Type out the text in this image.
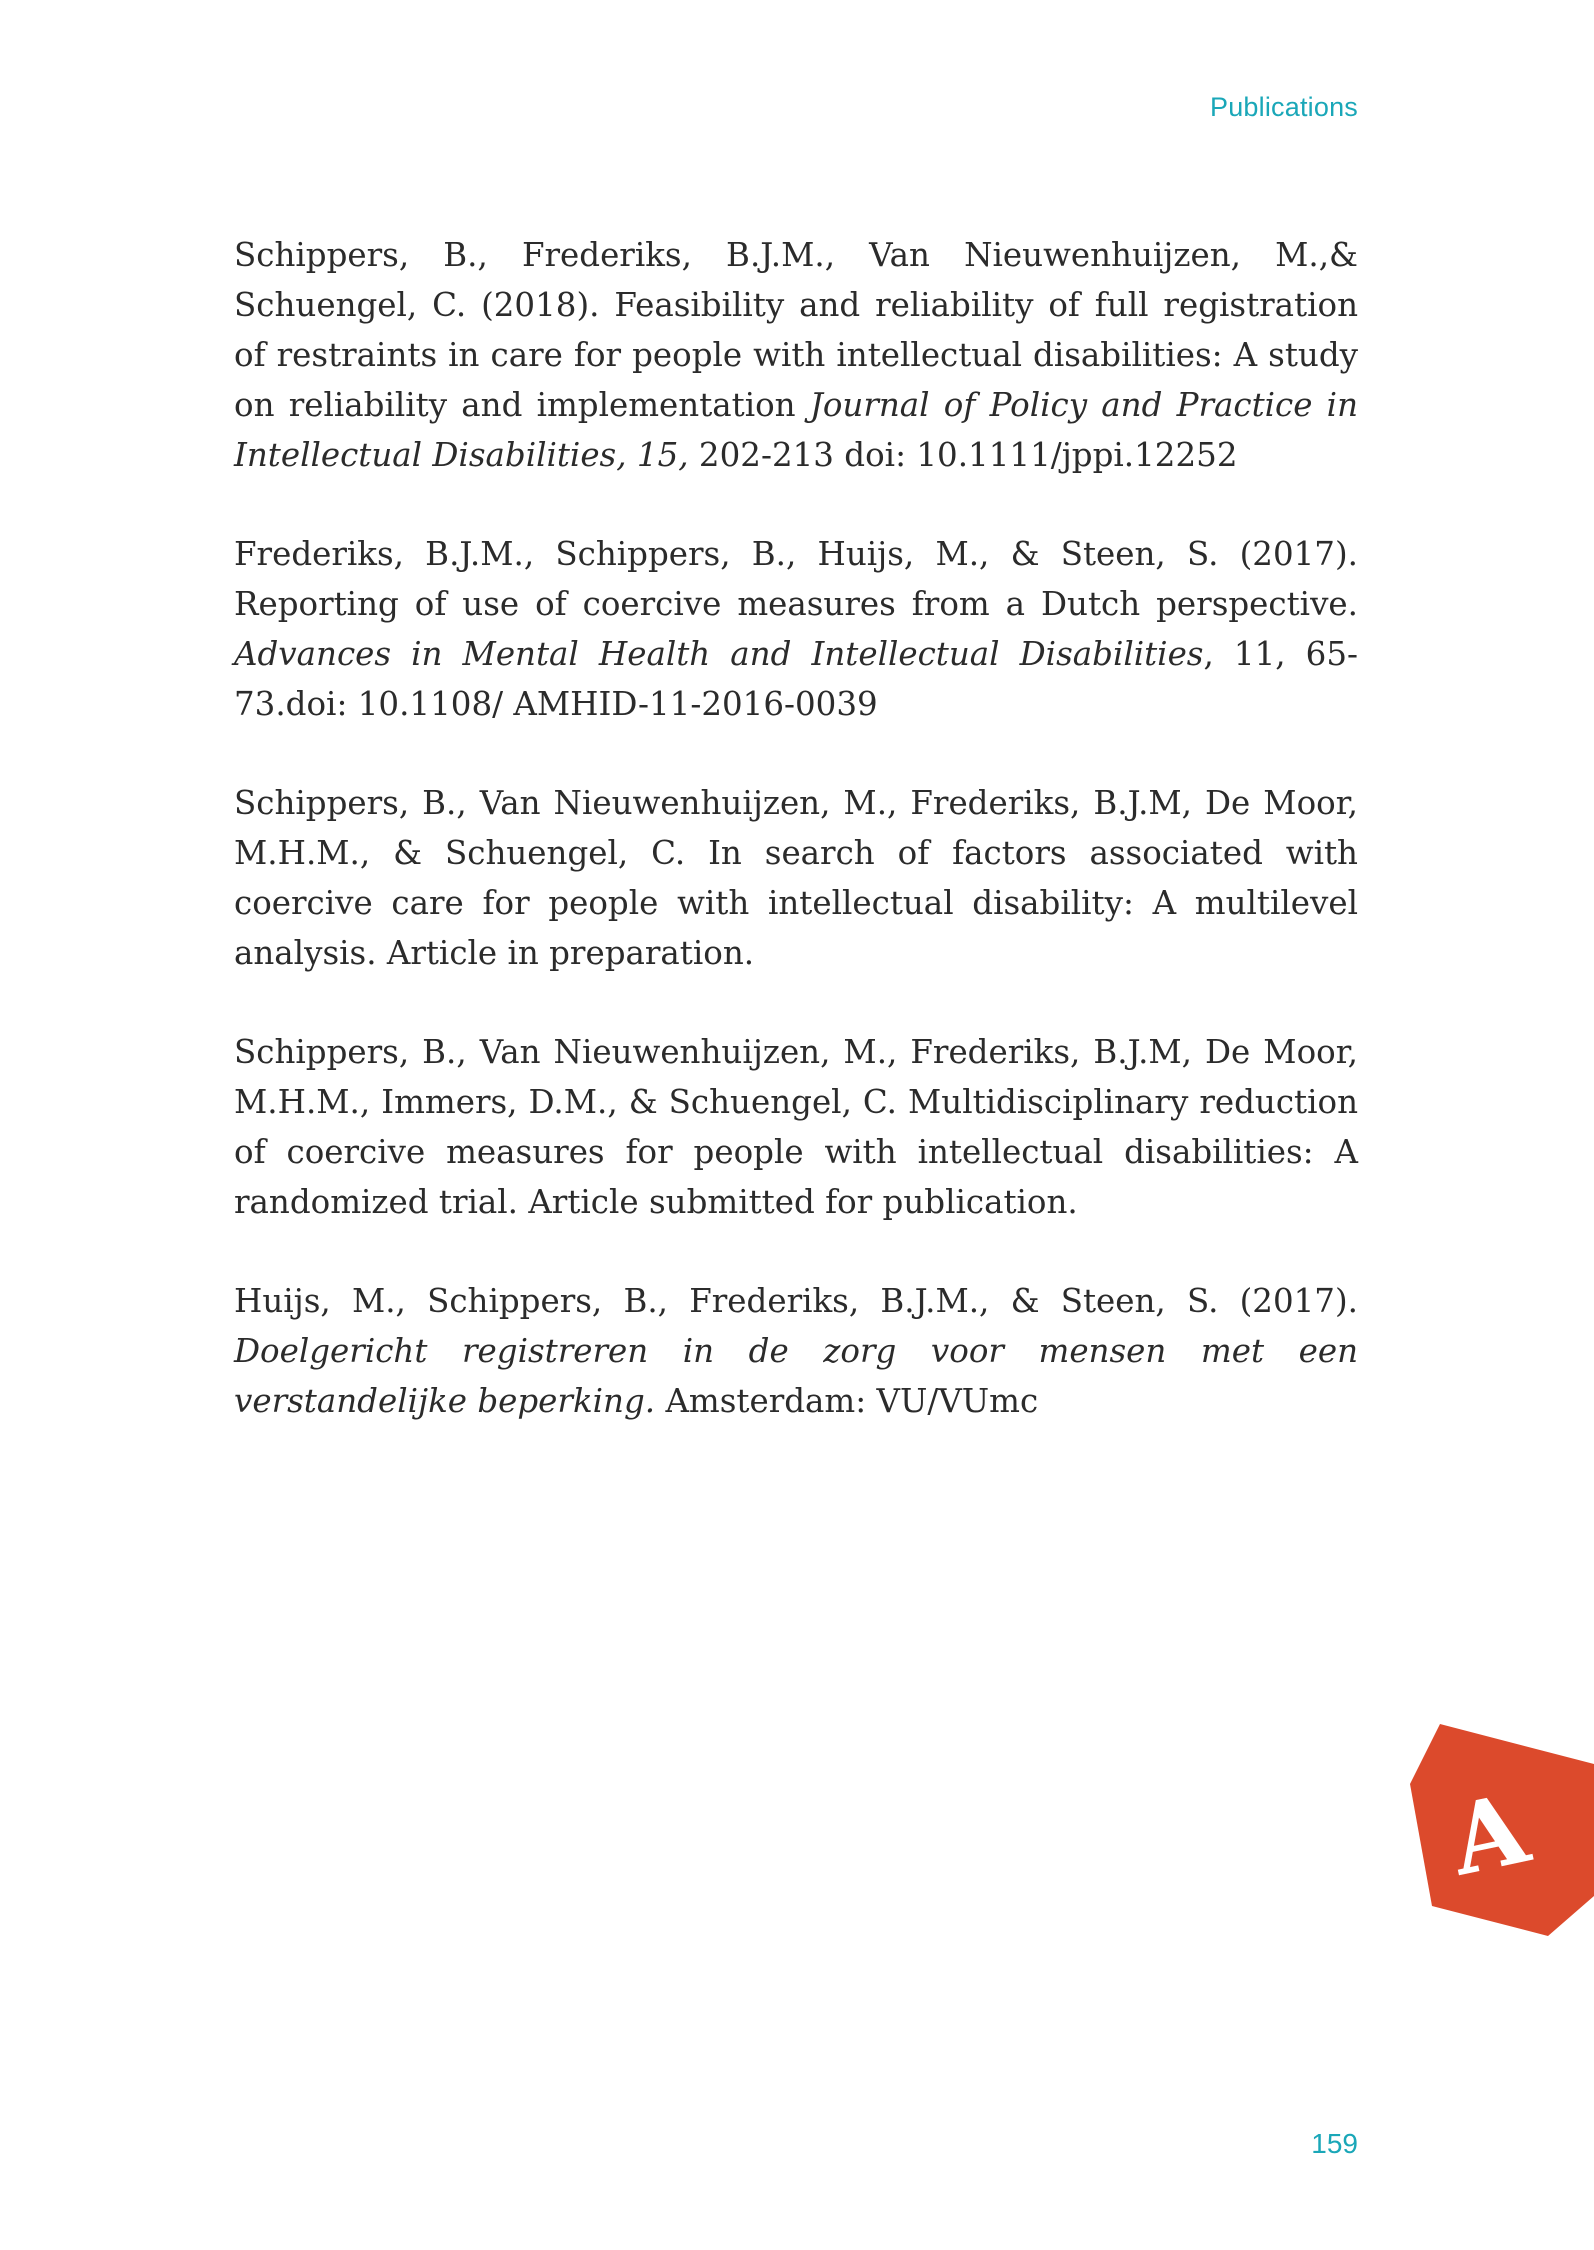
Publications

Schippers, B., Frederiks, B.J.M., Van Nieuwenhuijzen, M.,& Schuengel, C. (2018). Feasibility and reliability of full registration of restraints in care for people with intellectual disabilities: A study on reliability and implementation Journal of Policy and Practice in Intellectual Disabilities, 15, 202-213 doi: 10.1111/jppi.12252

Frederiks, B.J.M., Schippers, B., Huijs, M., & Steen, S. (2017). Reporting of use of coercive measures from a Dutch perspective. Advances in Mental Health and Intellectual Disabilities, 11, 65-73.doi: 10.1108/ AMHID-11-2016-0039

Schippers, B., Van Nieuwenhuijzen, M., Frederiks, B.J.M, De Moor, M.H.M., & Schuengel, C. In search of factors associated with coercive care for people with intellectual disability: A multilevel analysis. Article in preparation.

Schippers, B., Van Nieuwenhuijzen, M., Frederiks, B.J.M, De Moor, M.H.M., Immers, D.M., & Schuengel, C. Multidisciplinary reduction of coercive measures for people with intellectual disabilities: A randomized trial. Article submitted for publication.

Huijs, M., Schippers, B., Frederiks, B.J.M., & Steen, S. (2017). Doelgericht registreren in de zorg voor mensen met een verstandelijke beperking. Amsterdam: VU/VUmc

A
159
